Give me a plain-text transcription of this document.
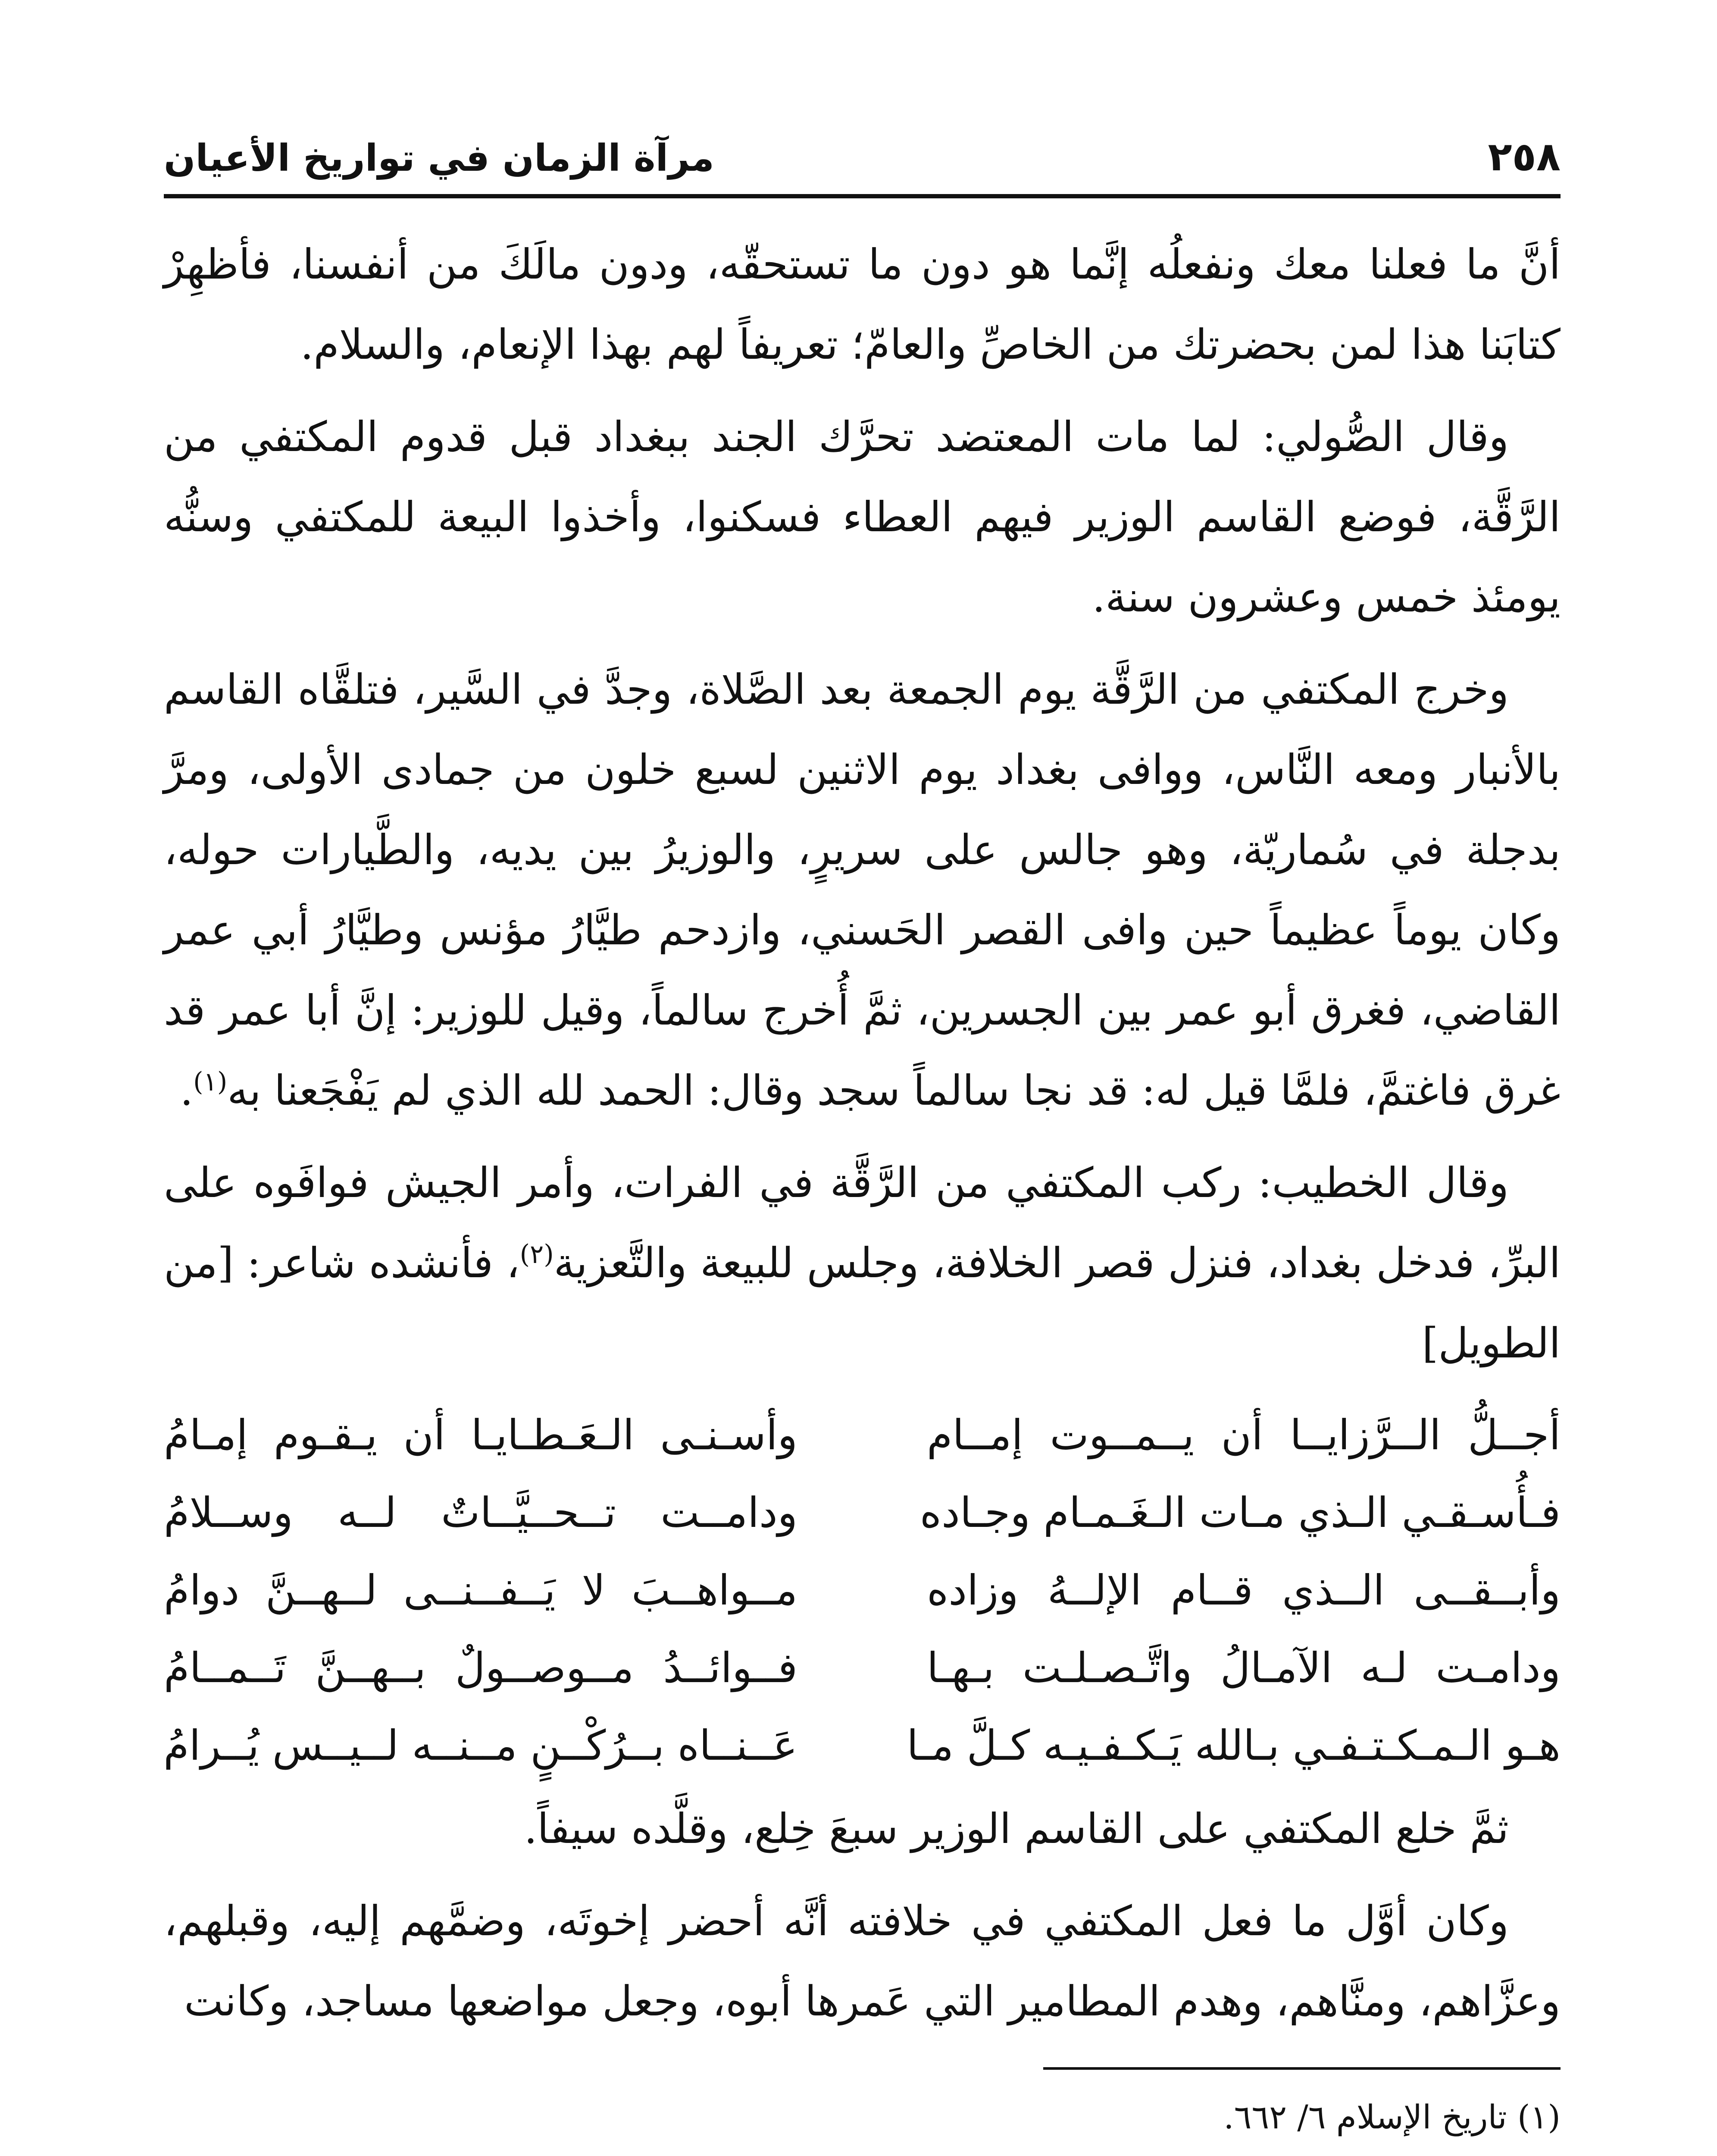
٢٥٨
مرآة الزمان في تواريخ الأعيان

أنَّ ما فعلنا معك ونفعلُه إنَّما هو دون ما تستحقّه، ودون مالَكَ من أنفسنا، فأظهِرْ كتابَنا هذا لمن بحضرتك من الخاصِّ والعامّ؛ تعريفاً لهم بهذا الإنعام، والسلام.

وقال الصُّولي: لما مات المعتضد تحرَّك الجند ببغداد قبل قدوم المكتفي من الرَّقَّة، فوضع القاسم الوزير فيهم العطاء فسكنوا، وأخذوا البيعة للمكتفي وسنُّه يومئذ خمس وعشرون سنة.

وخرج المكتفي من الرَّقَّة يوم الجمعة بعد الصَّلاة، وجدَّ في السَّير، فتلقَّاه القاسم بالأنبار ومعه النَّاس، ووافى بغداد يوم الاثنين لسبع خلون من جمادى الأولى، ومرَّ بدجلة في سُماريّة، وهو جالس على سريرٍ، والوزيرُ بين يديه، والطَّيارات حوله، وكان يوماً عظيماً حين وافى القصر الحَسني، وازدحم طيَّارُ مؤنس وطيَّارُ أبي عمر القاضي، فغرق أبو عمر بين الجسرين، ثمَّ أُخرج سالماً، وقيل للوزير: إنَّ أبا عمر قد غرق فاغتمَّ، فلمَّا قيل له: قد نجا سالماً سجد وقال: الحمد لله الذي لم يَفْجَعنا به$^{(١)}$.

وقال الخطيب: ركب المكتفي من الرَّقَّة في الفرات، وأمر الجيش فوافَوه على البرِّ، فدخل بغداد، فنزل قصر الخلافة، وجلس للبيعة والتَّعزية$^{(٢)}$، فأنشده شاعر: [من الطويل]

أجــلُّ الــرَّزايــا أن يــمــوت إمــام
وأسـنـى الـعَـطـايـا أن يـقـوم إمـامُ
فـأُسـقـي الـذي مـات الـغَـمـام وجـاده
ودامــت تــحــيَّــاتٌ لــه وســلامُ
وأبــقــى الــذي قــام الإلــهُ وزاده
مــواهــبَ لا يَــفــنــى لــهــنَّ دوامُ
ودامـت لـه الآمـالُ واتَّـصـلـت بـهـا
فــوائــدُ مــوصــولٌ بــهــنَّ تَــمــامُ
هـو الـمـكـتـفـي بـالله يَـكـفـيـه كـلَّ مـا
عَــنــاه بــرُكْــنٍ مــنــه لــيــس يُــرامُ

ثمَّ خلع المكتفي على القاسم الوزير سبعَ خِلع، وقلَّده سيفاً.

وكان أوَّل ما فعل المكتفي في خلافته أنَّه أحضر إخوتَه، وضمَّهم إليه، وقبلهم، وعزَّاهم، ومنَّاهم، وهدم المطامير التي عَمرها أبوه، وجعل مواضعها مساجد، وكانت

(١) تاريخ الإسلام ٦/ ٦٦٢.
